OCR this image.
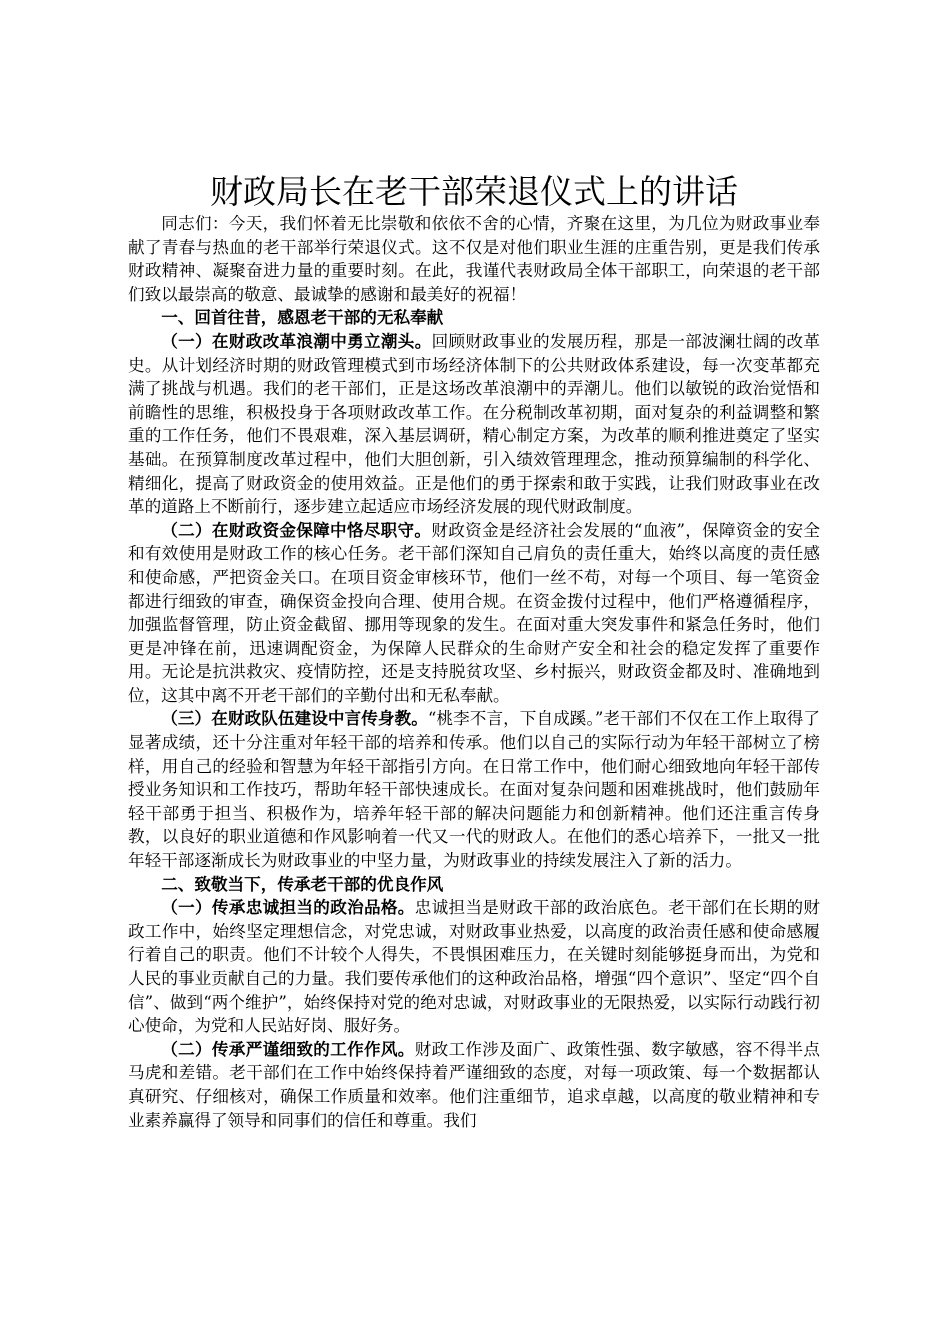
财政局长在老干部荣退仪式上的讲话

同志们：今天，我们怀着无比崇敬和依依不舍的心情，齐聚在这里，为几位为财政事业奉献了青春与热血的老干部举行荣退仪式。这不仅是对他们职业生涯的庄重告别，更是我们传承财政精神、凝聚奋进力量的重要时刻。在此，我谨代表财政局全体干部职工，向荣退的老干部们致以最崇高的敬意、最诚挚的感谢和最美好的祝福！

一、回首往昔，感恩老干部的无私奉献

（一）在财政改革浪潮中勇立潮头。回顾财政事业的发展历程，那是一部波澜壮阔的改革史。从计划经济时期的财政管理模式到市场经济体制下的公共财政体系建设，每一次变革都充满了挑战与机遇。我们的老干部们，正是这场改革浪潮中的弄潮儿。他们以敏锐的政治觉悟和前瞻性的思维，积极投身于各项财政改革工作。在分税制改革初期，面对复杂的利益调整和繁重的工作任务，他们不畏艰难，深入基层调研，精心制定方案，为改革的顺利推进奠定了坚实基础。在预算制度改革过程中，他们大胆创新，引入绩效管理理念，推动预算编制的科学化、精细化，提高了财政资金的使用效益。正是他们的勇于探索和敢于实践，让我们财政事业在改革的道路上不断前行，逐步建立起适应市场经济发展的现代财政制度。

（二）在财政资金保障中恪尽职守。财政资金是经济社会发展的“血液”，保障资金的安全和有效使用是财政工作的核心任务。老干部们深知自己肩负的责任重大，始终以高度的责任感和使命感，严把资金关口。在项目资金审核环节，他们一丝不苟，对每一个项目、每一笔资金都进行细致的审查，确保资金投向合理、使用合规。在资金拨付过程中，他们严格遵循程序，加强监督管理，防止资金截留、挪用等现象的发生。在面对重大突发事件和紧急任务时，他们更是冲锋在前，迅速调配资金，为保障人民群众的生命财产安全和社会的稳定发挥了重要作用。无论是抗洪救灾、疫情防控，还是支持脱贫攻坚、乡村振兴，财政资金都及时、准确地到位，这其中离不开老干部们的辛勤付出和无私奉献。

（三）在财政队伍建设中言传身教。“桃李不言，下自成蹊。”老干部们不仅在工作上取得了显著成绩，还十分注重对年轻干部的培养和传承。他们以自己的实际行动为年轻干部树立了榜样，用自己的经验和智慧为年轻干部指引方向。在日常工作中，他们耐心细致地向年轻干部传授业务知识和工作技巧，帮助年轻干部快速成长。在面对复杂问题和困难挑战时，他们鼓励年轻干部勇于担当、积极作为，培养年轻干部的解决问题能力和创新精神。他们还注重言传身教，以良好的职业道德和作风影响着一代又一代的财政人。在他们的悉心培养下，一批又一批年轻干部逐渐成长为财政事业的中坚力量，为财政事业的持续发展注入了新的活力。

二、致敬当下，传承老干部的优良作风

（一）传承忠诚担当的政治品格。忠诚担当是财政干部的政治底色。老干部们在长期的财政工作中，始终坚定理想信念，对党忠诚，对财政事业热爱，以高度的政治责任感和使命感履行着自己的职责。他们不计较个人得失，不畏惧困难压力，在关键时刻能够挺身而出，为党和人民的事业贡献自己的力量。我们要传承他们的这种政治品格，增强“四个意识”、坚定“四个自信”、做到“两个维护”，始终保持对党的绝对忠诚，对财政事业的无限热爱，以实际行动践行初心使命，为党和人民站好岗、服好务。

（二）传承严谨细致的工作作风。财政工作涉及面广、政策性强、数字敏感，容不得半点马虎和差错。老干部们在工作中始终保持着严谨细致的态度，对每一项政策、每一个数据都认真研究、仔细核对，确保工作质量和效率。他们注重细节，追求卓越，以高度的敬业精神和专业素养赢得了领导和同事们的信任和尊重。我们
